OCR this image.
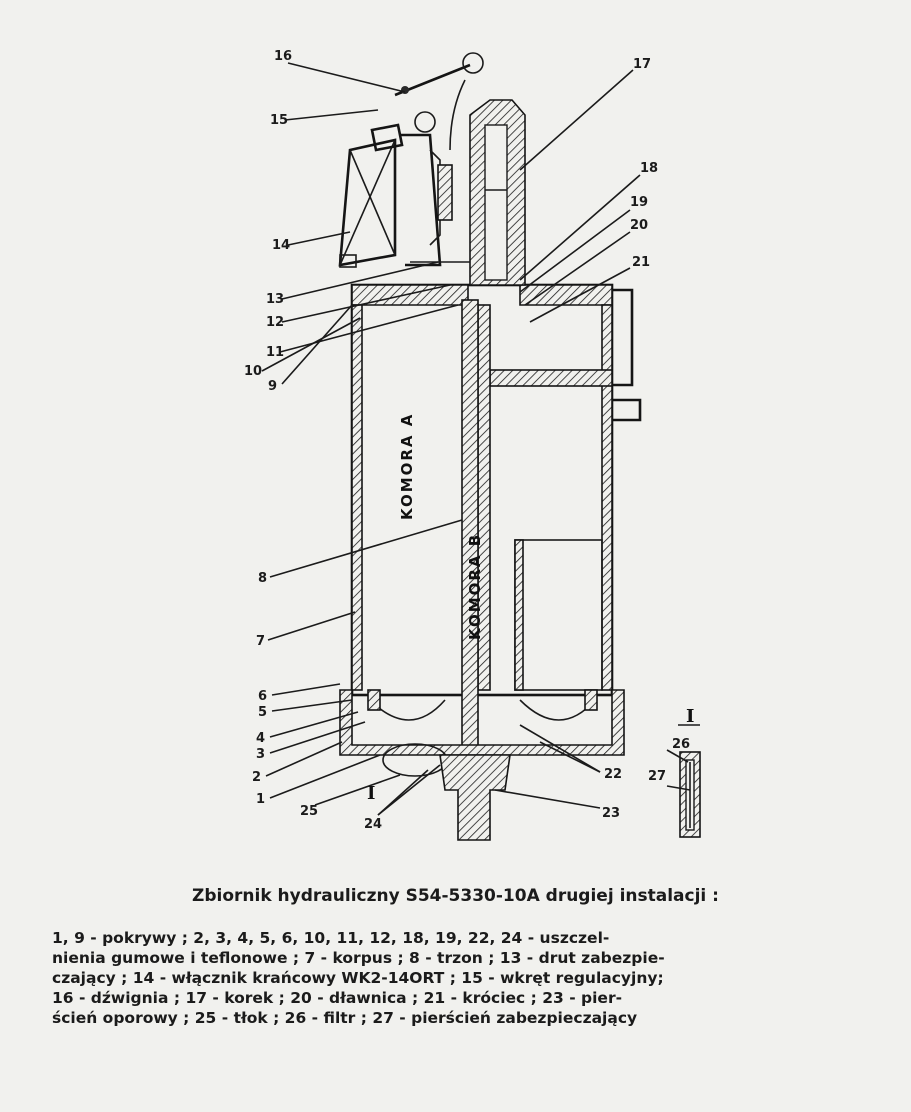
KOMORA A
KOMORA B
I
I
16
15
14
13
12
11
10
9
8
7
6
5
4
3
2
1
25
24
17
18
19
20
21
22
23
26
27
Zbiornik hydrauliczny S54-5330-10A drugiej instalacji :
1, 9 - pokrywy ; 2, 3, 4, 5, 6, 10, 11, 12, 18, 19, 22, 24 - uszczel-
nienia gumowe i teflonowe ; 7 - korpus ; 8 - trzon ; 13 - drut zabezpie-
czający ; 14 - włącznik krańcowy WK2-14ORT ; 15 - wkręt regulacyjny;
16 - dźwignia ; 17 - korek ; 20 - dławnica ; 21 - króciec ; 23 - pier-
ścień oporowy ; 25 - tłok ; 26 - filtr ; 27 - pierścień zabezpieczający
